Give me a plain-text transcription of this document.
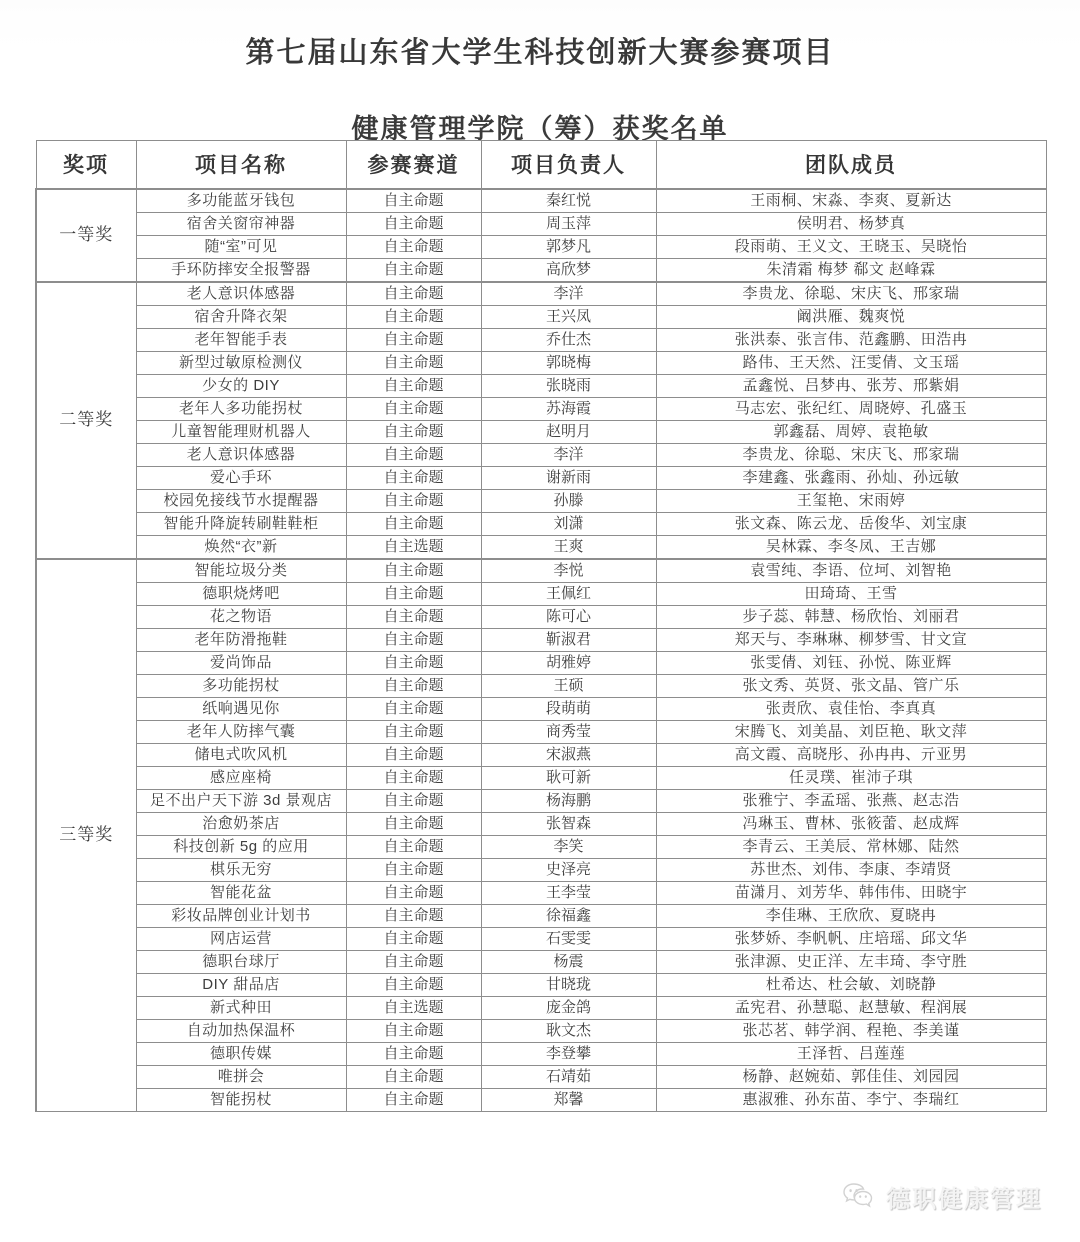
第七届山东省大学生科技创新大赛参赛项目
健康管理学院（筹）获奖名单
奖项	项目名称	参赛赛道	项目负责人	团队成员
一等奖	多功能蓝牙钱包	自主命题	秦红悦	王雨桐、宋淼、李爽、夏新达
	宿舍关窗帘神器	自主命题	周玉萍	侯明君、杨梦真
	随“室”可见	自主命题	郭梦凡	段雨萌、王义文、王晓玉、吴晓怡
	手环防摔安全报警器	自主命题	高欣梦	朱清霜 梅梦 郗文 赵峰霖
二等奖	老人意识体感器	自主命题	李洋	李贵龙、徐聪、宋庆飞、邢家瑞
	宿舍升降衣架	自主命题	王兴凤	阚洪雁、魏爽悦
	老年智能手表	自主命题	乔仕杰	张洪泰、张言伟、范鑫鹏、田浩冉
	新型过敏原检测仪	自主命题	郭晓梅	路伟、王天然、汪雯倩、文玉瑶
	少女的 DIY	自主命题	张晓雨	孟鑫悦、吕梦冉、张芳、邢紫娟
	老年人多功能拐杖	自主命题	苏海霞	马志宏、张纪红、周晓婷、孔盛玉
	儿童智能理财机器人	自主命题	赵明月	郭鑫磊、周婷、袁艳敏
	老人意识体感器	自主命题	李洋	李贵龙、徐聪、宋庆飞、邢家瑞
	爱心手环	自主命题	谢新雨	李建鑫、张鑫雨、孙灿、孙远敏
	校园免接线节水提醒器	自主命题	孙滕	王玺艳、宋雨婷
	智能升降旋转刷鞋鞋柜	自主命题	刘潇	张文森、陈云龙、岳俊华、刘宝康
	焕然“衣”新	自主选题	王爽	吴林霖、李冬凤、王吉娜
三等奖	智能垃圾分类	自主命题	李悦	袁雪纯、李语、位坷、刘智艳
	德职烧烤吧	自主命题	王佩红	田琦琦、王雪
	花之物语	自主命题	陈可心	步子蕊、韩慧、杨欣怡、刘丽君
	老年防滑拖鞋	自主命题	靳淑君	郑天与、李琳琳、柳梦雪、甘文宣
	爱尚饰品	自主命题	胡雅婷	张雯倩、刘钰、孙悦、陈亚辉
	多功能拐杖	自主命题	王硕	张文秀、英贤、张文晶、管广乐
	纸响遇见你	自主命题	段萌萌	张责欣、袁佳怡、李真真
	老年人防摔气囊	自主命题	商秀莹	宋腾飞、刘美晶、刘臣艳、耿文萍
	储电式吹风机	自主命题	宋淑燕	高文霞、高晓彤、孙冉冉、亓亚男
	感应座椅	自主命题	耿可新	任灵璞、崔沛子琪
	足不出户天下游 3d 景观店	自主命题	杨海鹏	张雅宁、李孟瑶、张燕、赵志浩
	治愈奶茶店	自主命题	张智森	冯琳玉、曹林、张筱蕾、赵成辉
	科技创新 5g 的应用	自主命题	李笑	李青云、王美辰、常林娜、陆然
	棋乐无穷	自主命题	史泽亮	苏世杰、刘伟、李康、李靖贤
	智能花盆	自主命题	王李莹	苗潇月、刘芳华、韩伟伟、田晓宇
	彩妆品牌创业计划书	自主命题	徐福鑫	李佳琳、王欣欣、夏晓冉
	网店运营	自主命题	石雯雯	张梦娇、李帆帆、庄培瑶、邱文华
	德职台球厅	自主命题	杨震	张津源、史正洋、左丰琦、李守胜
	DIY 甜品店	自主命题	甘晓珑	杜希达、杜会敏、刘晓静
	新式种田	自主选题	庞金鸽	孟宪君、孙慧聪、赵慧敏、程润展
	自动加热保温杯	自主命题	耿文杰	张芯茗、韩学润、程艳、李美谨
	德职传媒	自主命题	李登攀	王泽哲、吕莲莲
	唯拼会	自主命题	石靖茹	杨静、赵婉茹、郭佳佳、刘园园
	智能拐杖	自主命题	郑馨	惠淑雅、孙东苗、李宁、李瑞红
德职健康管理
